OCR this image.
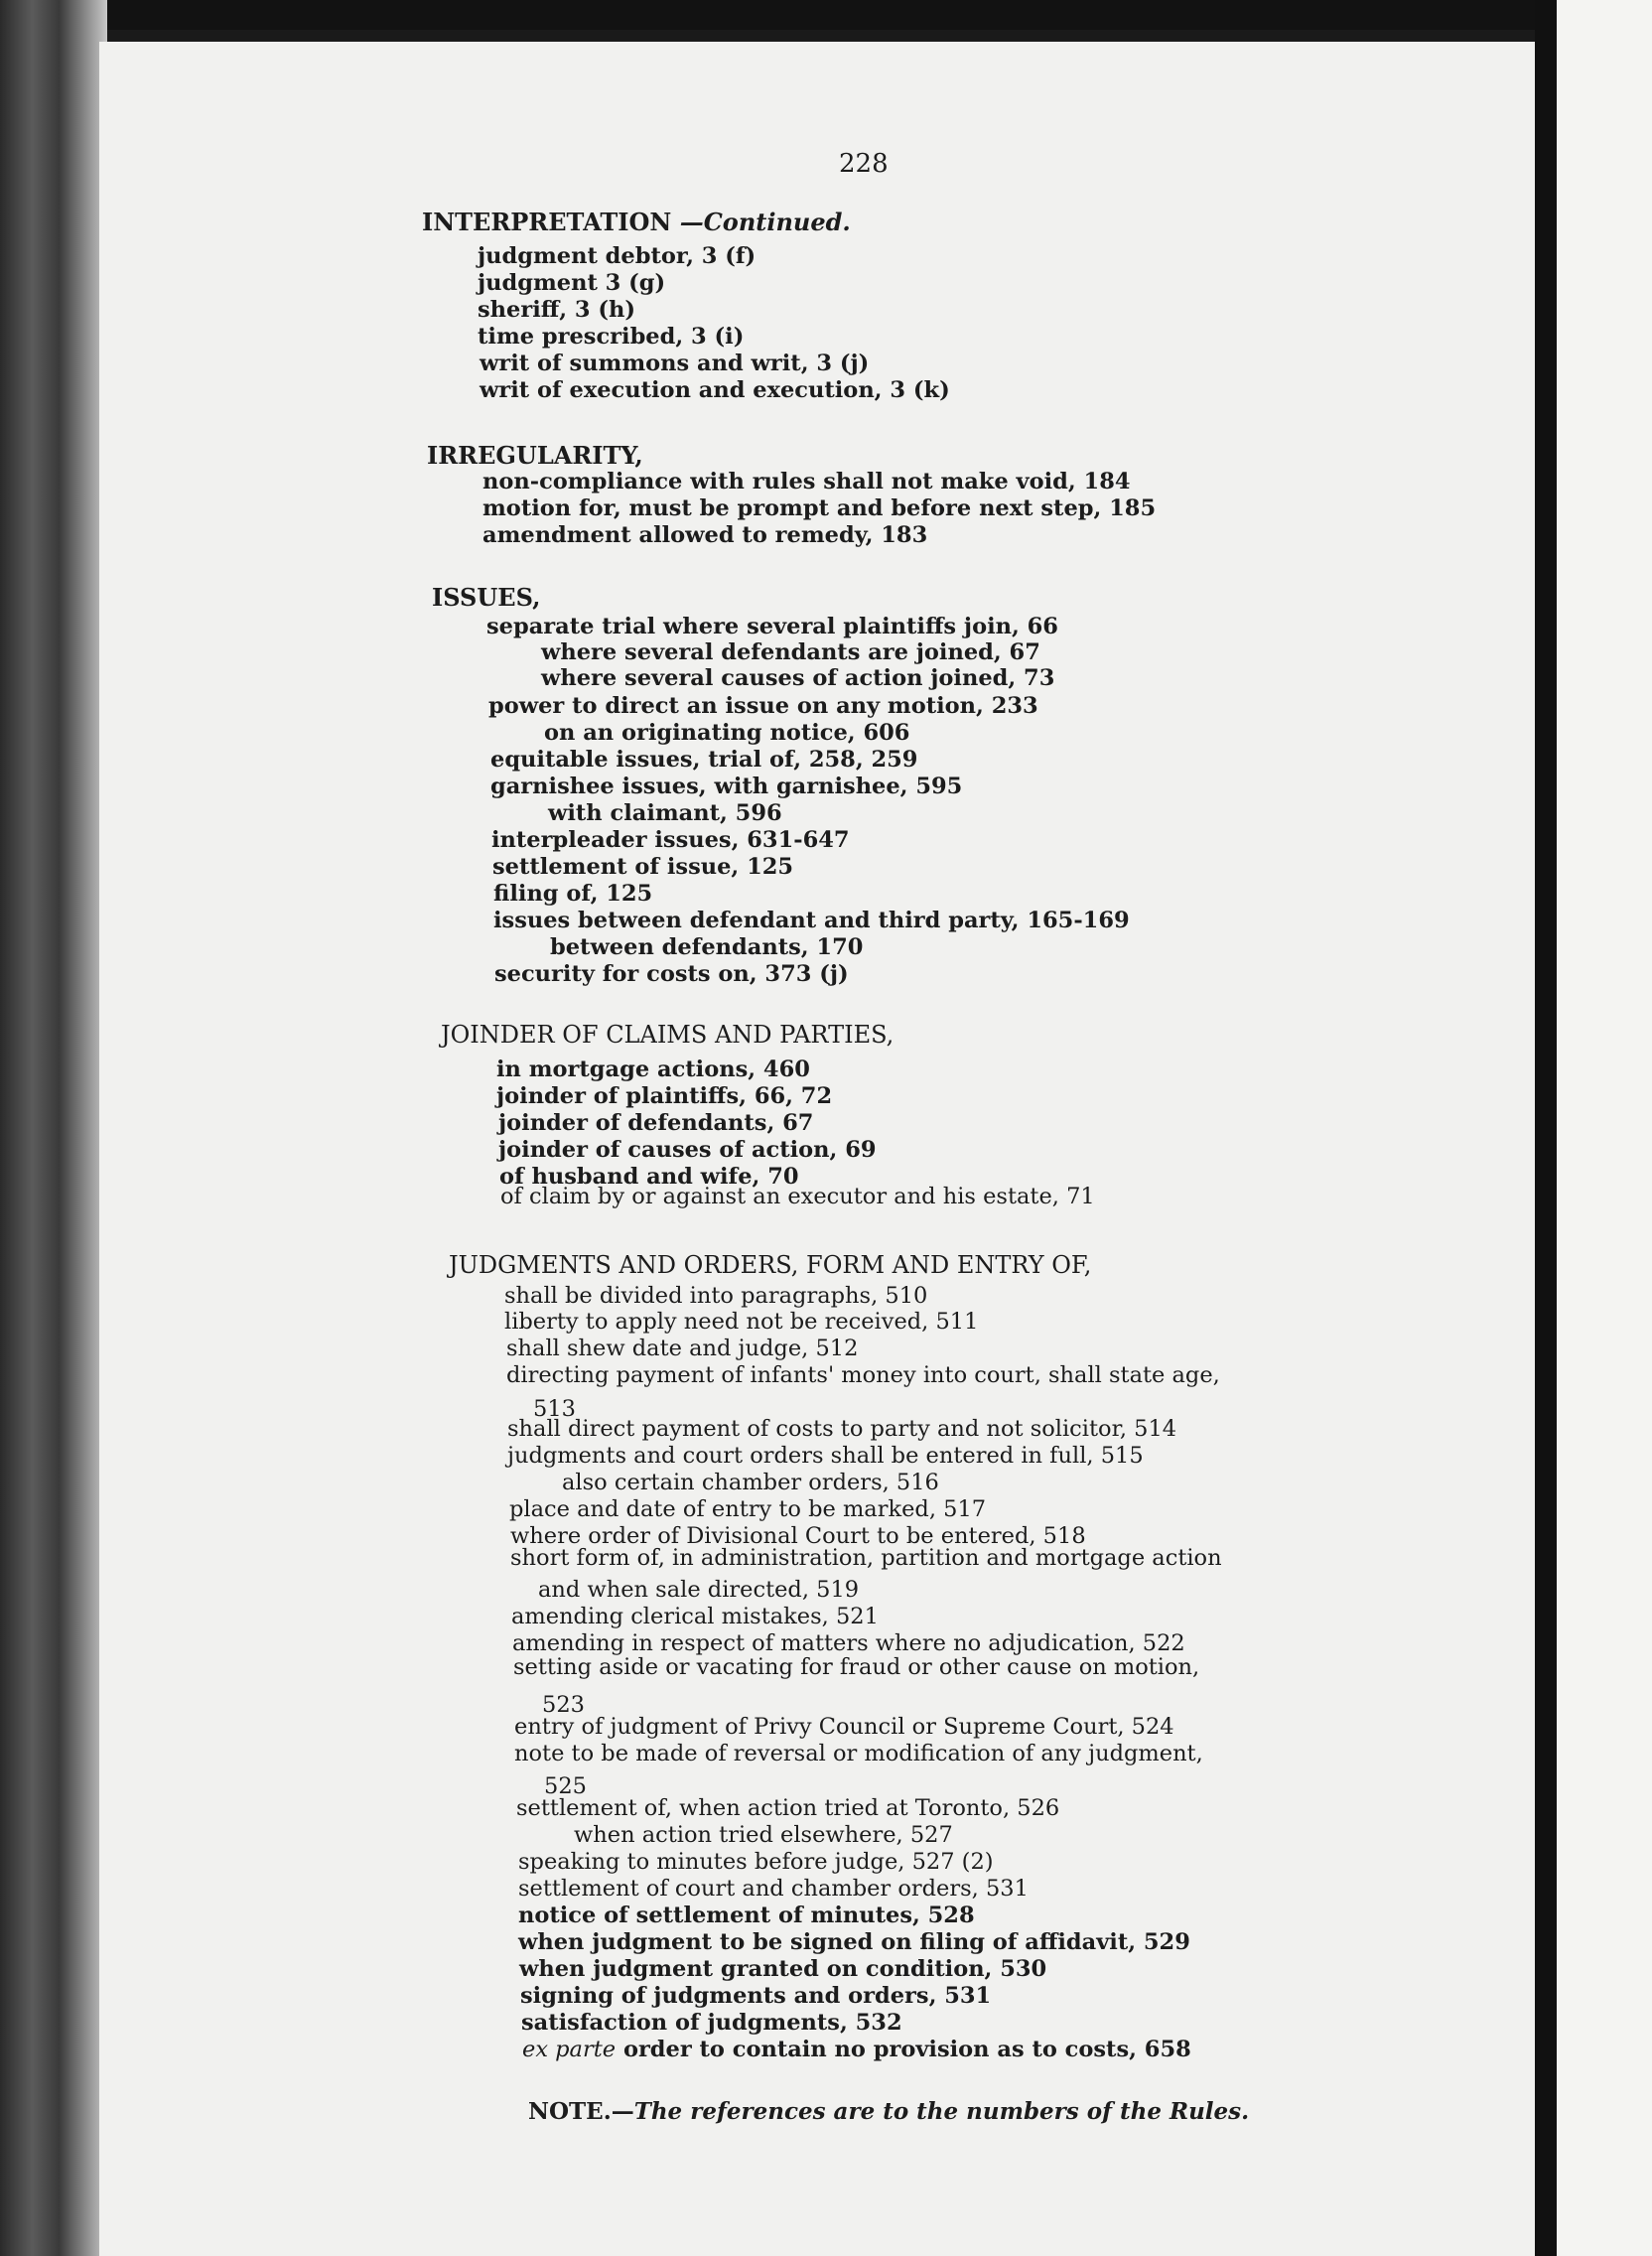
228
INTERPRETATION —Continued.
judgment debtor, 3 (f)
judgment 3 (g)
sheriff, 3 (h)
time prescribed, 3 (i)
writ of summons and writ, 3 (j)
writ of execution and execution, 3 (k)
IRREGULARITY,
non-compliance with rules shall not make void, 184
motion for, must be prompt and before next step, 185
amendment allowed to remedy, 183
ISSUES,
separate trial where several plaintiffs join, 66
where several defendants are joined, 67
where several causes of action joined, 73
power to direct an issue on any motion, 233
on an originating notice, 606
equitable issues, trial of, 258, 259
garnishee issues, with garnishee, 595
with claimant, 596
interpleader issues, 631-647
settlement of issue, 125
filing of, 125
issues between defendant and third party, 165-169
between defendants, 170
security for costs on, 373 (j)
JOINDER OF CLAIMS AND PARTIES,
in mortgage actions, 460
joinder of plaintiffs, 66, 72
joinder of defendants, 67
joinder of causes of action, 69
of husband and wife, 70
of claim by or against an executor and his estate, 71
JUDGMENTS AND ORDERS, FORM AND ENTRY OF,
shall be divided into paragraphs, 510
liberty to apply need not be received, 511
shall shew date and judge, 512
directing payment of infants' money into court, shall state age,
513
shall direct payment of costs to party and not solicitor, 514
judgments and court orders shall be entered in full, 515
also certain chamber orders, 516
place and date of entry to be marked, 517
where order of Divisional Court to be entered, 518
short form of, in administration, partition and mortgage action
and when sale directed, 519
amending clerical mistakes, 521
amending in respect of matters where no adjudication, 522
setting aside or vacating for fraud or other cause on motion,
523
entry of judgment of Privy Council or Supreme Court, 524
note to be made of reversal or modification of any judgment,
525
settlement of, when action tried at Toronto, 526
when action tried elsewhere, 527
speaking to minutes before judge, 527 (2)
settlement of court and chamber orders, 531
notice of settlement of minutes, 528
when judgment to be signed on filing of affidavit, 529
when judgment granted on condition, 530
signing of judgments and orders, 531
satisfaction of judgments, 532
ex parte order to contain no provision as to costs, 658
NOTE.—The references are to the numbers of the Rules.
